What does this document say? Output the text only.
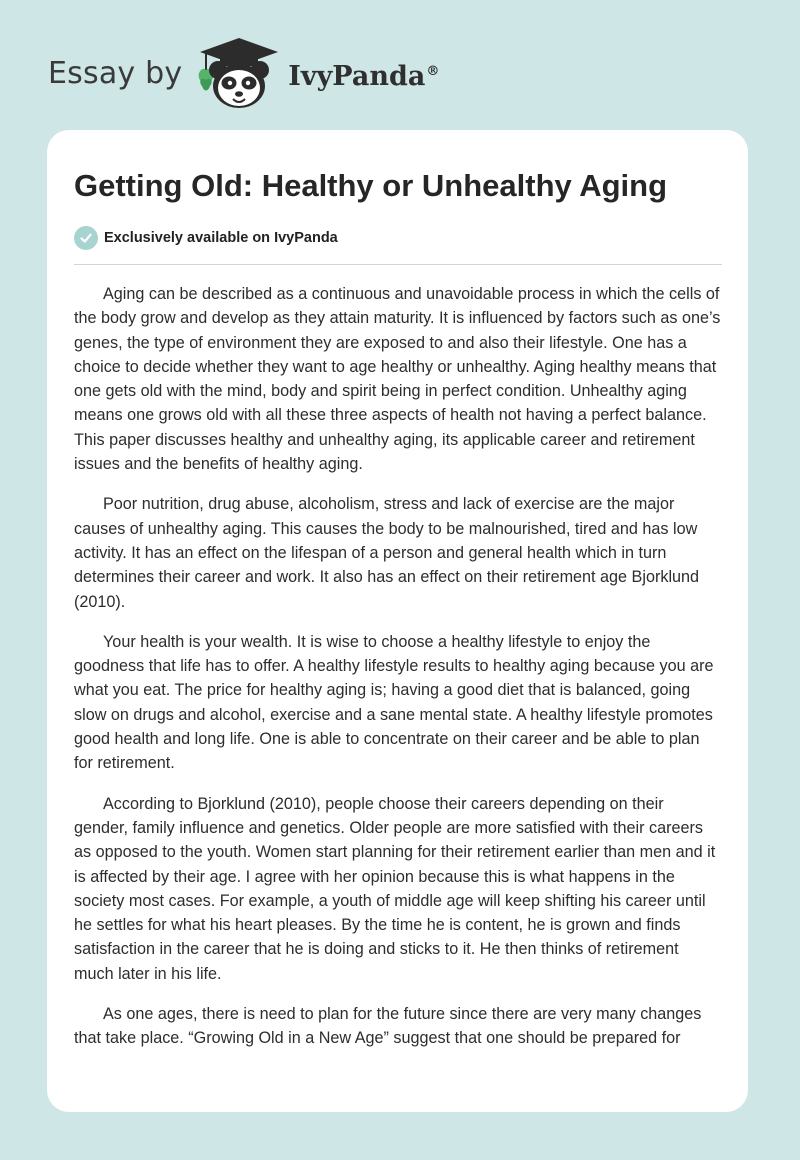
Essay by	IvyPanda®
Getting Old: Healthy or Unhealthy Aging
Exclusively available on IvyPanda

Aging can be described as a continuous and unavoidable process in which the cells of the body grow and develop as they attain maturity. It is influenced by factors such as one’s genes, the type of environment they are exposed to and also their lifestyle. One has a choice to decide whether they want to age healthy or unhealthy. Aging healthy means that one gets old with the mind, body and spirit being in perfect condition. Unhealthy aging means one grows old with all these three aspects of health not having a perfect balance. This paper discusses healthy and unhealthy aging, its applicable career and retirement issues and the benefits of healthy aging.

Poor nutrition, drug abuse, alcoholism, stress and lack of exercise are the major causes of unhealthy aging. This causes the body to be malnourished, tired and has low activity. It has an effect on the lifespan of a person and general health which in turn determines their career and work. It also has an effect on their retirement age Bjorklund (2010).

Your health is your wealth. It is wise to choose a healthy lifestyle to enjoy the goodness that life has to offer. A healthy lifestyle results to healthy aging because you are what you eat. The price for healthy aging is; having a good diet that is balanced, going slow on drugs and alcohol, exercise and a sane mental state. A healthy lifestyle promotes good health and long life. One is able to concentrate on their career and be able to plan for retirement.

According to Bjorklund (2010), people choose their careers depending on their gender, family influence and genetics. Older people are more satisfied with their careers as opposed to the youth. Women start planning for their retirement earlier than men and it is affected by their age. I agree with her opinion because this is what happens in the society most cases. For example, a youth of middle age will keep shifting his career until he settles for what his heart pleases. By the time he is content, he is grown and finds satisfaction in the career that he is doing and sticks to it. He then thinks of retirement much later in his life.

As one ages, there is need to plan for the future since there are very many changes that take place. “Growing Old in a New Age” suggest that one should be prepared for
